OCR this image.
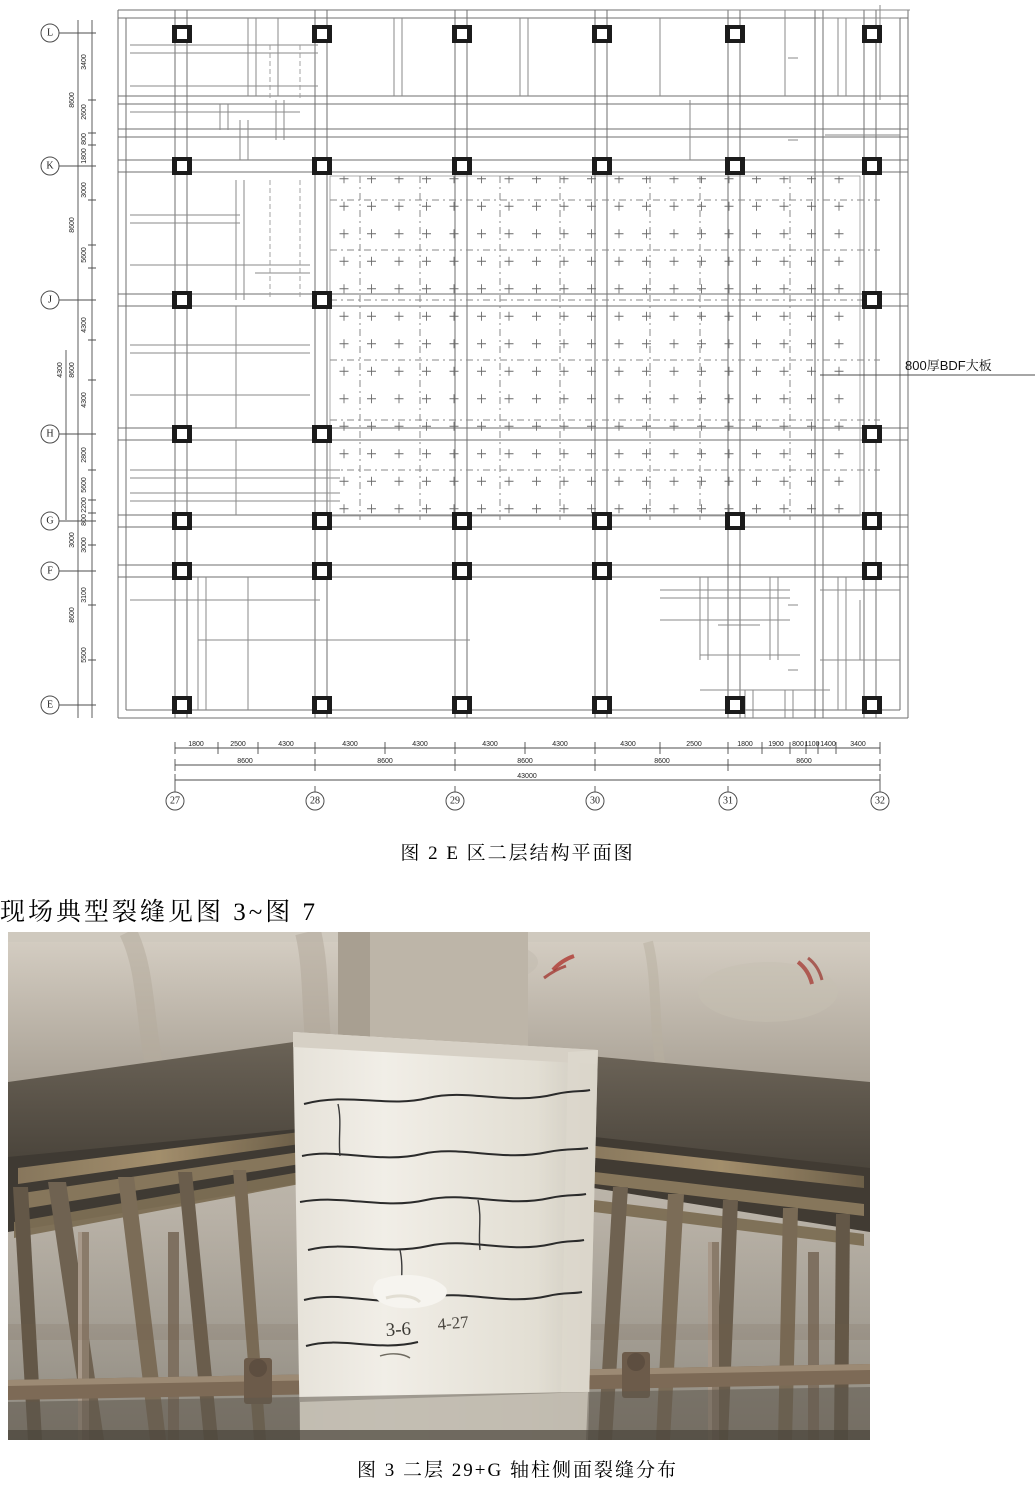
L
K
J
H
G
F
E
3400
8600
2600
800
1800
3000
8600
5600
4300
4300 8600
4300
2800
5600
2200
800
3000 3000
3100
8600
5500
800厚BDF大板
1800	2500	4300	4300	4300	4300	4300	4300	2500	1800 1900 800 1100 1400 3400
8600	8600	8600	8600	8600
43000
27	28	29	30	31	32
图 2 E 区二层结构平面图
现场典型裂缝见图 3~图 7
3-6 4-27
图 3 二层 29+G 轴柱侧面裂缝分布
